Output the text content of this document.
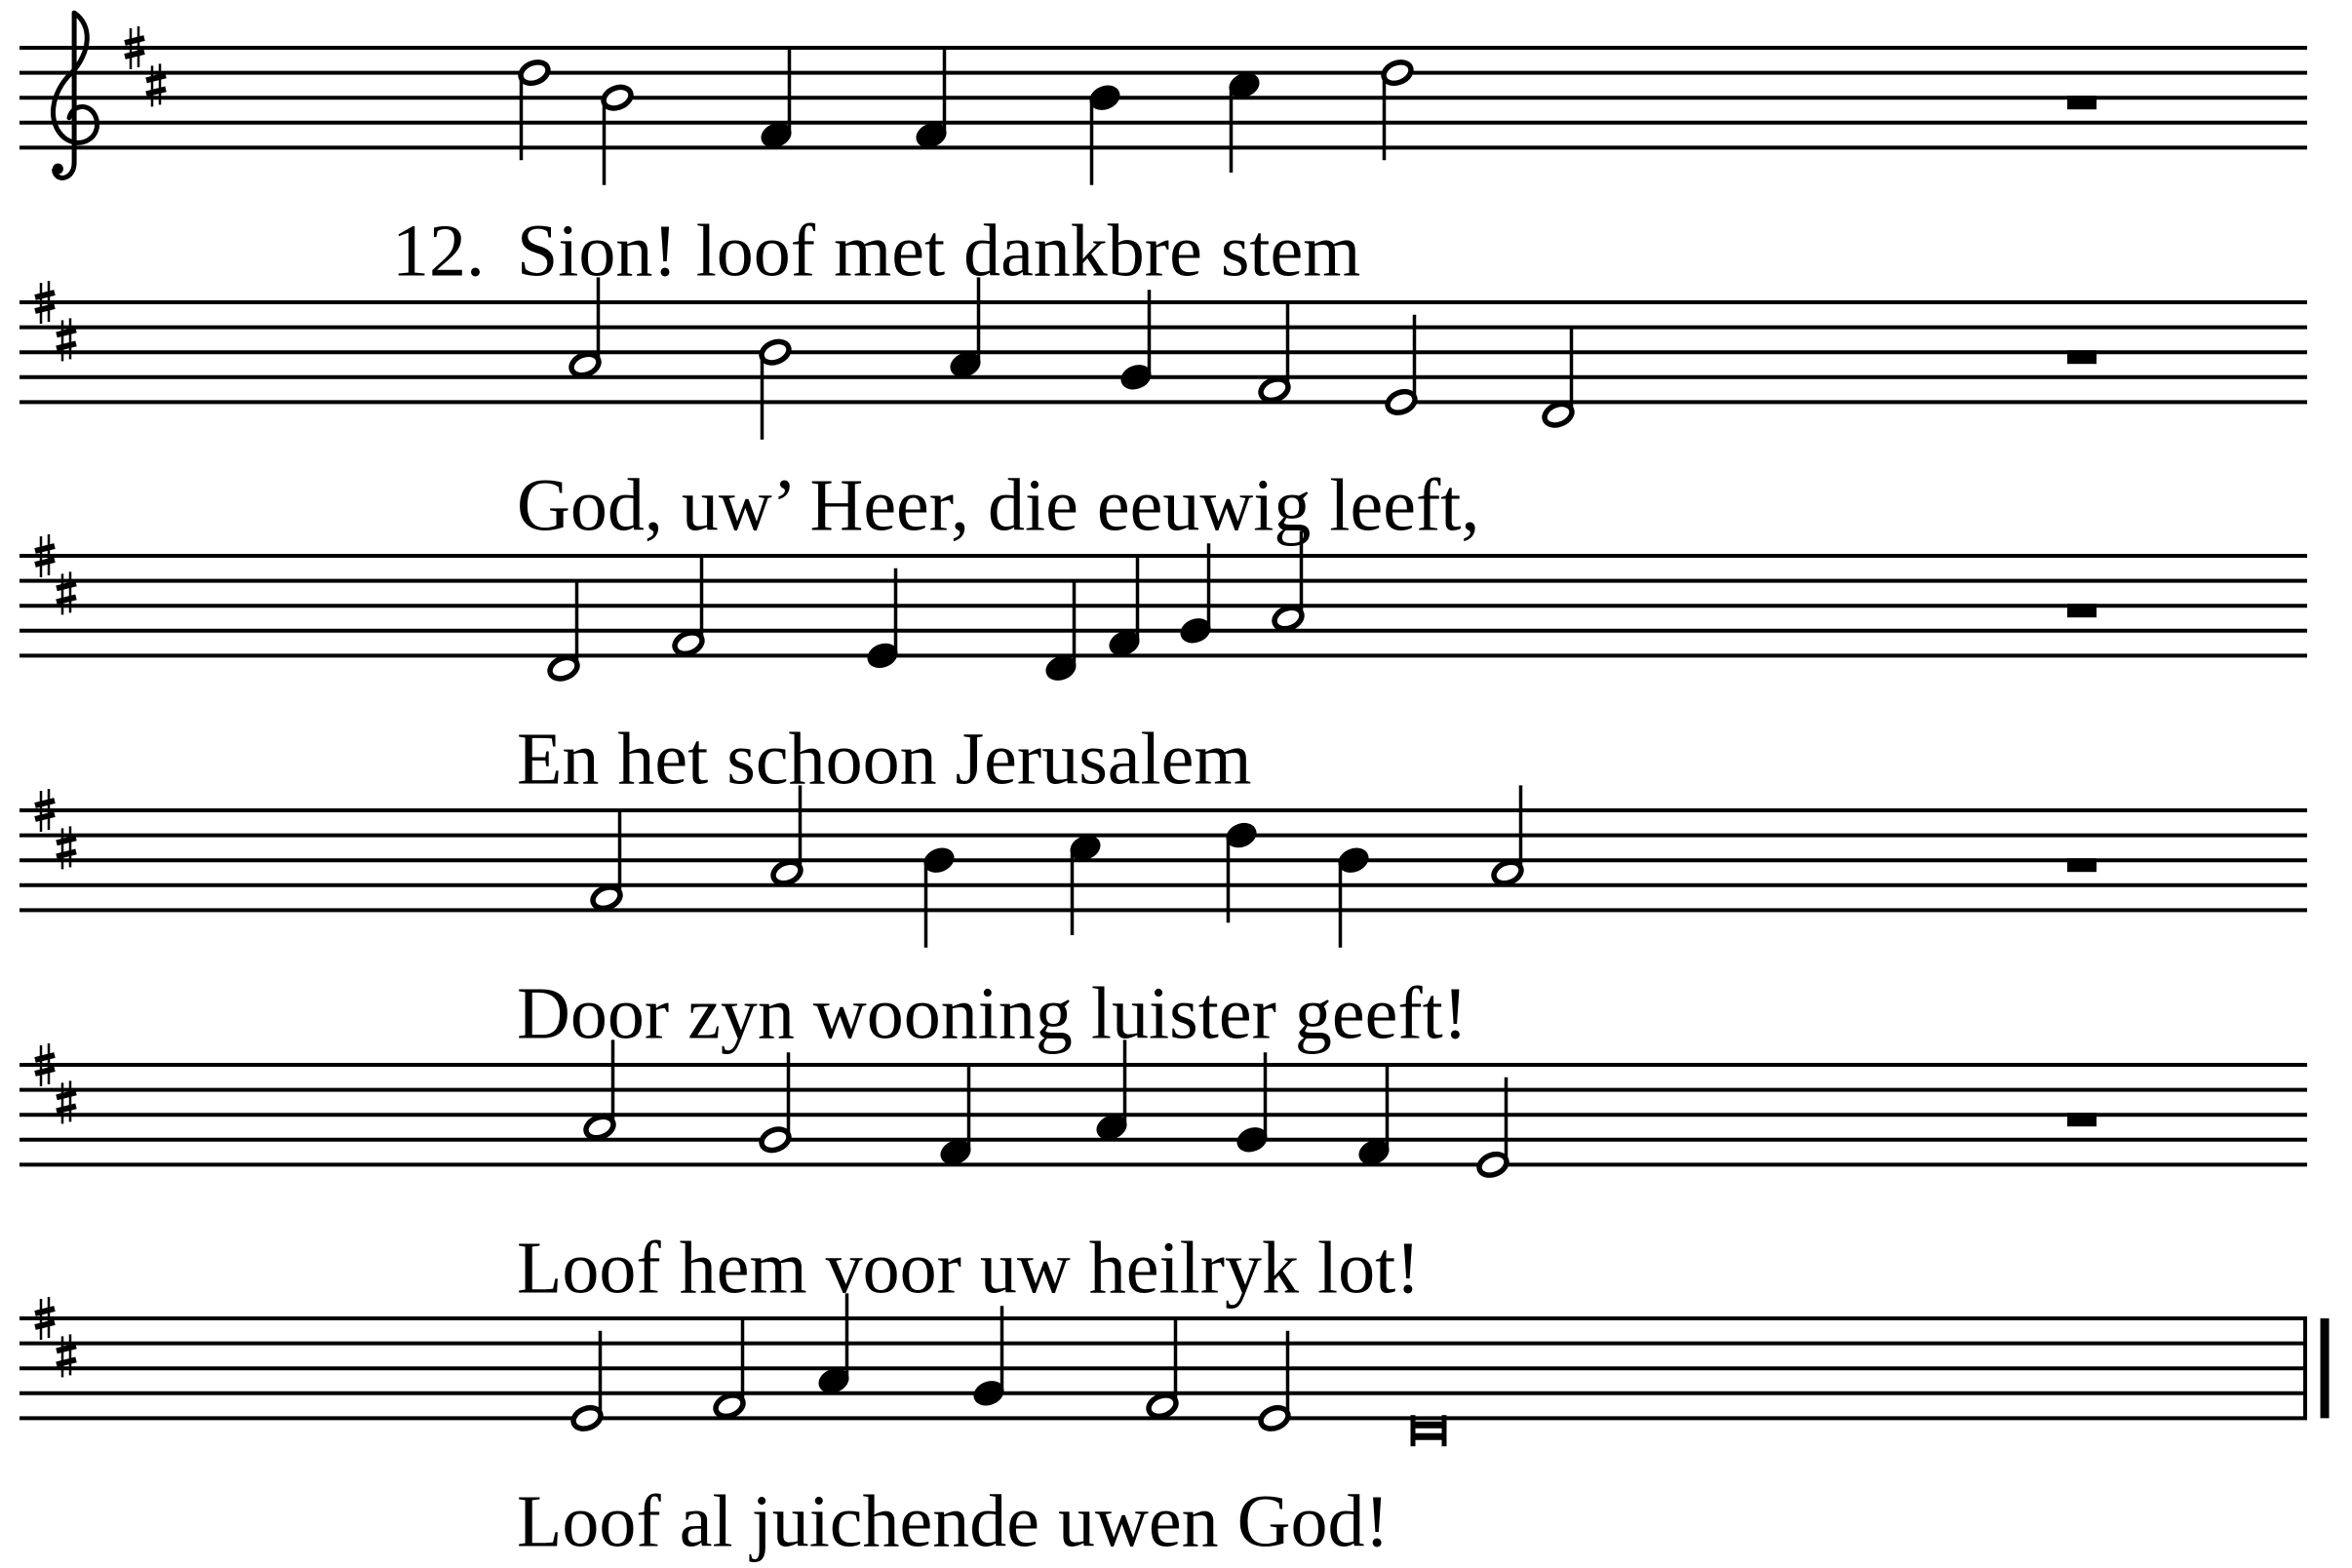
12. Sion! loof met dankbre stem
God, uw’ Heer, die eeuwig leeft,
En het schoon Jerusalem
Door zyn wooning luister geeft!
Loof hem voor uw heilryk lot!
Loof al juichende uwen God!
